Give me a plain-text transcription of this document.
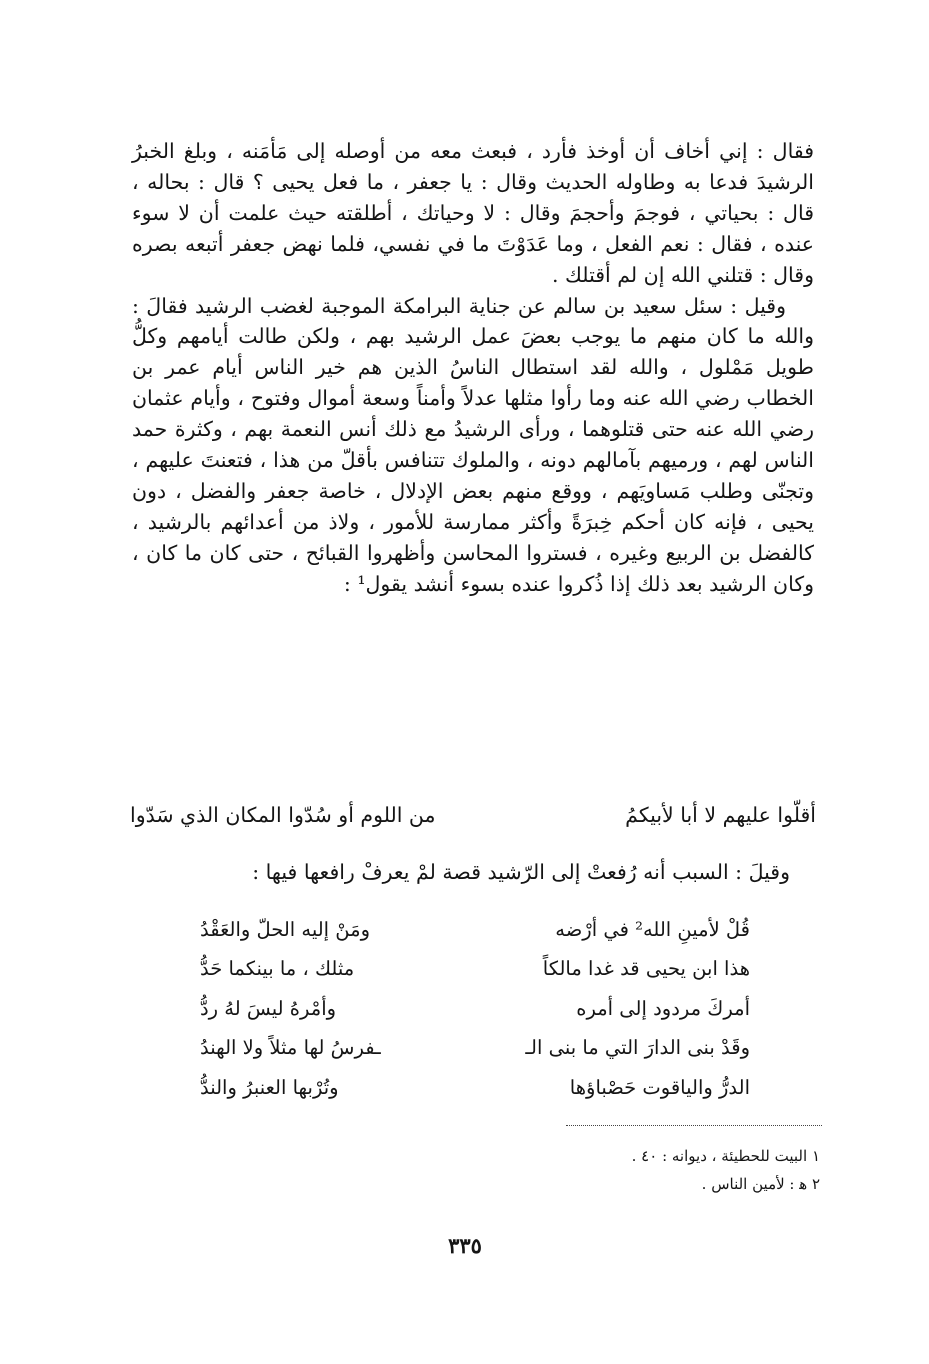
فقال : إني أخاف أن أوخذ فأرد ، فبعث معه من أوصله إلى مَأمَنه ، وبلغ الخبرُ الرشيدَ فدعا به وطاوله الحديث وقال : يا جعفر ، ما فعل يحيى ؟ قال : بحاله ، قال : بحياتي ، فوجمَ وأحجمَ وقال : لا وحياتك ، أطلقته حيث علمت أن لا سوء عنده ، فقال : نعم الفعل ، وما عَدَوْتَ ما في نفسي، فلما نهض جعفر أتبعه بصره وقال : قتلني الله إن لم أقتلك .

وقيل : سئل سعيد بن سالم عن جناية البرامكة الموجبة لغضب الرشيد فقالَ : والله ما كان منهم ما يوجب بعضَ عمل الرشيد بهم ، ولكن طالت أيامهم وكلُّ طويل مَمْلول ، والله لقد استطال الناسُ الذين هم خير الناس أيام عمر بن الخطاب رضي الله عنه وما رأوا مثلها عدلاً وأمناً وسعة أموال وفتوح ، وأيام عثمان رضي الله عنه حتى قتلوهما ، ورأى الرشيدُ مع ذلك أنس النعمة بهم ، وكثرة حمد الناس لهم ، ورميهم بآمالهم دونه ، والملوك تتنافس بأقلّ من هذا ، فتعنتَ عليهم ، وتجنّى وطلب مَساويَهم ، ووقع منهم بعض الإدلال ، خاصة جعفر والفضل ، دون يحيى ، فإنه كان أحكم خِبرَةً وأكثر ممارسة للأمور ، ولاذ من أعدائهم بالرشيد ، كالفضل بن الربيع وغيره ، فستروا المحاسن وأظهروا القبائح ، حتى كان ما كان ، وكان الرشيد بعد ذلك إذا ذُكروا عنده بسوء أنشد يقول¹ :

أقلّوا عليهم لا أبا لأبيكمُ
من اللوم أو سُدّوا المكان الذي سَدّوا
وقيلَ : السبب أنه رُفعتْ إلى الرّشيد قصة لمْ يعرفْ رافعها فيها :
قُلْ لأمينِ الله² في أرْضه
ومَنْ إليه الحلّ والعَقْدُ
هذا ابن يحيى قد غدا مالكاً
مثلك ، ما بينكما حَدُّ
أمركَ مردود إلى أمره
وأمْرهُ ليسَ لهُ ردُّ
وقَدْ بنى الدارَ التي ما بنى الـ
ـفرسُ لها مثلاً ولا الهندُ
الدرُّ والياقوت حَصْباؤها
وتُرْبها العنبرُ والندُّ
١ البيت للحطيئة ، ديوانه : ٤٠ .
٢ ﻫ : لأمين الناس .
٣٣٥
